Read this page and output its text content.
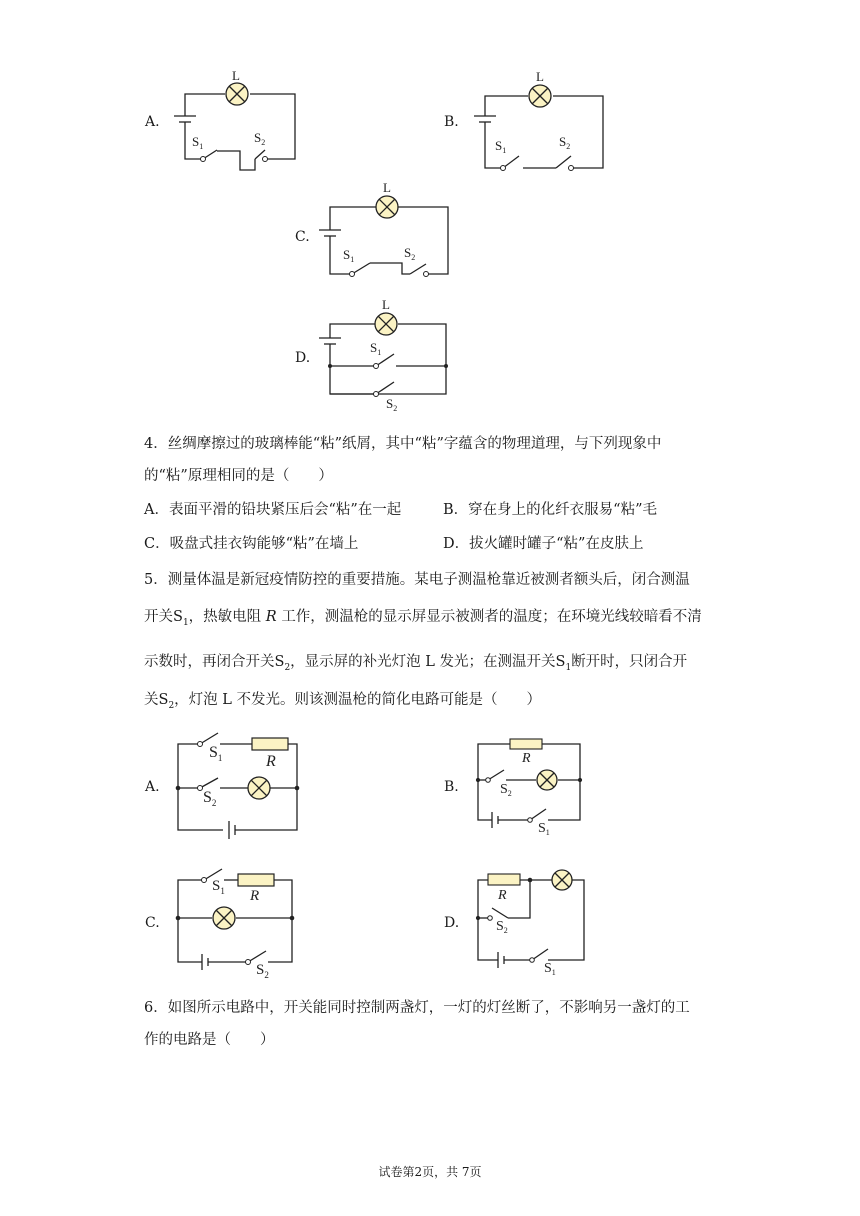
A.
L
$S_1$
$S_2$
B.
L
$S_1$
$S_2$
C.
L
$S_1$	$S_2$
D.
L
$S_1$
$S_2$
4．丝绸摩擦过的玻璃棒能“粘”纸屑，其中“粘”字蕴含的物理道理，与下列现象中
的“粘”原理相同的是（　　）
A．表面平滑的铅块紧压后会“粘”在一起	B．穿在身上的化纤衣服易“粘”毛
C．吸盘式挂衣钩能够“粘”在墙上	D．拔火罐时罐子“粘”在皮肤上
5．测量体温是新冠疫情防控的重要措施。某电子测温枪靠近被测者额头后，闭合测温
开关$S_1$，热敏电阻 R 工作，测温枪的显示屏显示被测者的温度；在环境光线较暗看不清
示数时，再闭合开关$S_2$，显示屏的补光灯泡 L 发光；在测温开关$S_1$断开时，只闭合开
关$S_2$，灯泡 L 不发光。则该测温枪的简化电路可能是（　　）
A.
$S_1$	R
$S_2$
B.
R
$S_2$
$S_1$
C.
$S_1$ R
$S_2$
D.
R
$S_2$
$S_1$
6．如图所示电路中，开关能同时控制两盏灯，一灯的灯丝断了，不影响另一盏灯的工
作的电路是（　　）
试卷第2页，共 7页
